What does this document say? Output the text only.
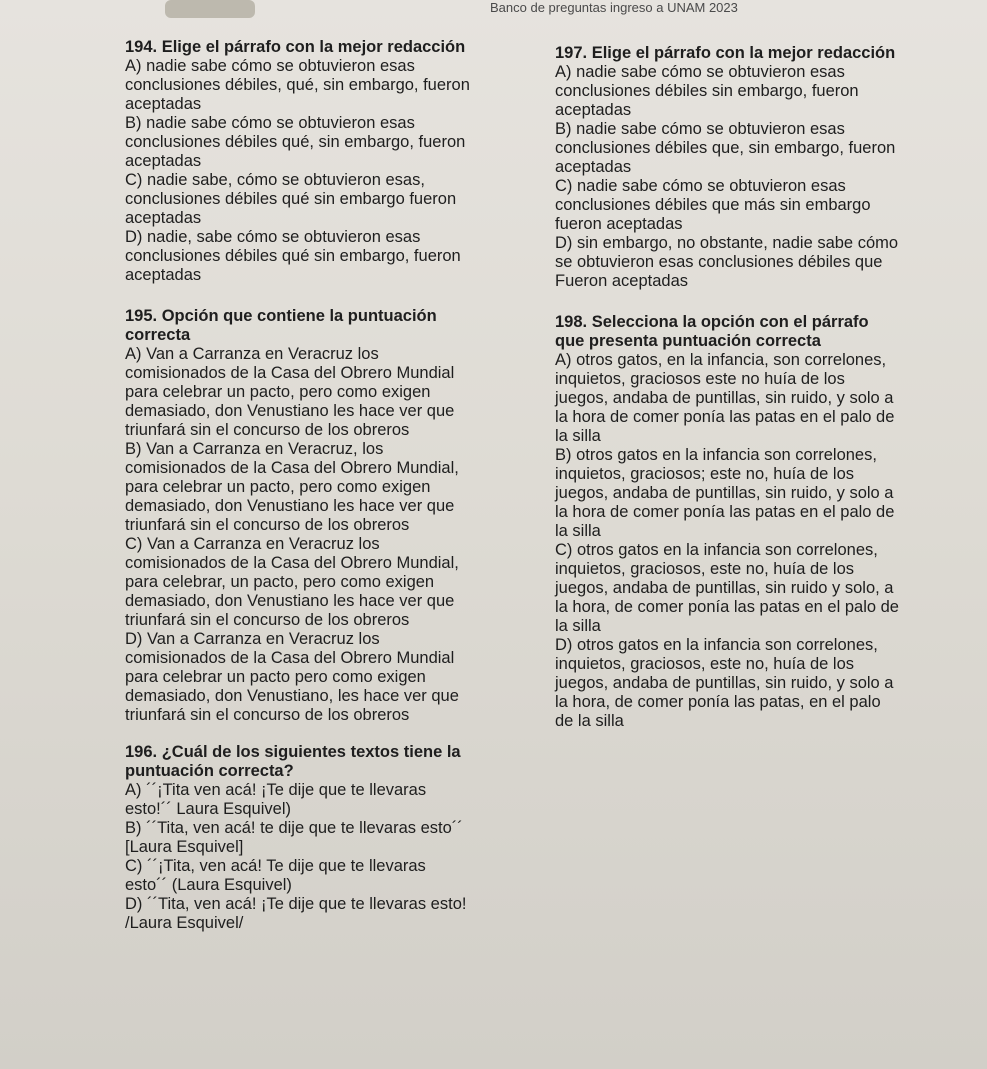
Banco de preguntas ingreso a UNAM 2023

194. Elige el párrafo con la mejor redacción

A) nadie sabe cómo se obtuvieron esas
conclusiones débiles, qué, sin embargo, fueron
aceptadas

B) nadie sabe cómo se obtuvieron esas
conclusiones débiles qué, sin embargo, fueron
aceptadas

C) nadie sabe, cómo se obtuvieron esas,
conclusiones débiles qué sin embargo fueron
aceptadas

D) nadie, sabe cómo se obtuvieron esas
conclusiones débiles qué sin embargo, fueron
aceptadas

195. Opción que contiene la puntuación
correcta

A) Van a Carranza en Veracruz los
comisionados de la Casa del Obrero Mundial
para celebrar un pacto, pero como exigen
demasiado, don Venustiano les hace ver que
triunfará sin el concurso de los obreros

B) Van a Carranza en Veracruz, los
comisionados de la Casa del Obrero Mundial,
para celebrar un pacto, pero como exigen
demasiado, don Venustiano les hace ver que
triunfará sin el concurso de los obreros

C) Van a Carranza en Veracruz los
comisionados de la Casa del Obrero Mundial,
para celebrar, un pacto, pero como exigen
demasiado, don Venustiano les hace ver que
triunfará sin el concurso de los obreros

D) Van a Carranza en Veracruz los
comisionados de la Casa del Obrero Mundial
para celebrar un pacto pero como exigen
demasiado, don Venustiano, les hace ver que
triunfará sin el concurso de los obreros

196. ¿Cuál de los siguientes textos tiene la
puntuación correcta?

A) ´´¡Tita ven acá! ¡Te dije que te llevaras
esto!´´ Laura Esquivel)

B) ´´Tita, ven acá! te dije que te llevaras esto´´
[Laura Esquivel]

C) ´´¡Tita, ven acá! Te dije que te llevaras
esto´´ (Laura Esquivel)

D) ´´Tita, ven acá! ¡Te dije que te llevaras esto!
/Laura Esquivel/

197. Elige el párrafo con la mejor redacción

A) nadie sabe cómo se obtuvieron esas
conclusiones débiles sin embargo, fueron
aceptadas

B) nadie sabe cómo se obtuvieron esas
conclusiones débiles que, sin embargo, fueron
aceptadas

C) nadie sabe cómo se obtuvieron esas
conclusiones débiles que más sin embargo
fueron aceptadas

D) sin embargo, no obstante, nadie sabe cómo
se obtuvieron esas conclusiones débiles que
Fueron aceptadas

198. Selecciona la opción con el párrafo
que presenta puntuación correcta

A) otros gatos, en la infancia, son correlones,
inquietos, graciosos este no huía de los
juegos, andaba de puntillas, sin ruido, y solo a
la hora de comer ponía las patas en el palo de
la silla

B) otros gatos en la infancia son correlones,
inquietos, graciosos; este no, huía de los
juegos, andaba de puntillas, sin ruido, y solo a
la hora de comer ponía las patas en el palo de
la silla

C) otros gatos en la infancia son correlones,
inquietos, graciosos, este no, huía de los
juegos, andaba de puntillas, sin ruido y solo, a
la hora, de comer ponía las patas en el palo de
la silla

D) otros gatos en la infancia son correlones,
inquietos, graciosos, este no, huía de los
juegos, andaba de puntillas, sin ruido, y solo a
la hora, de comer ponía las patas, en el palo
de la silla
